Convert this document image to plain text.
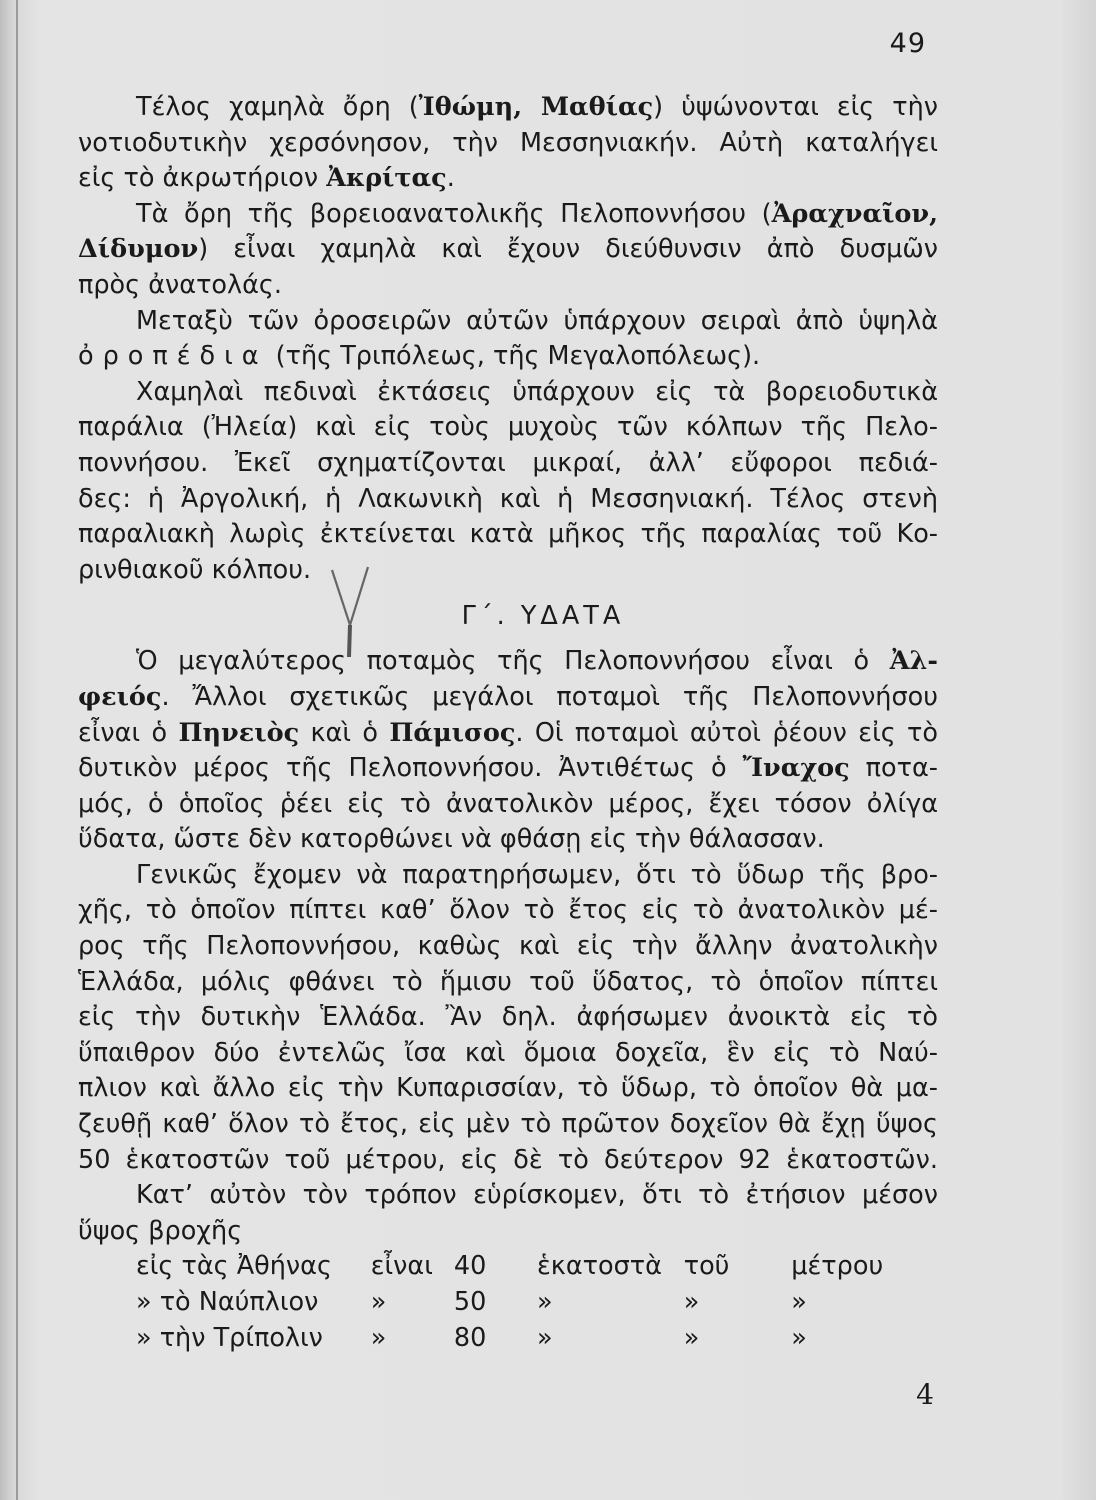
49
Τέλος χαμηλὰ ὄρη (Ἰθώμη, Μαθίας) ὑψώνονται εἰς τὴν
νοτιοδυτικὴν χερσόνησον, τὴν Μεσσηνιακήν. Αὐτὴ καταλήγει
εἰς τὸ ἀκρωτήριον Ἀκρίτας.
Τὰ ὄρη τῆς βορειοανατολικῆς Πελοποννήσου (Ἀραχναῖον,
Δίδυμον) εἶναι χαμηλὰ καὶ ἔχουν διεύθυνσιν ἀπὸ δυσμῶν
πρὸς ἀνατολάς.
Μεταξὺ τῶν ὀροσειρῶν αὐτῶν ὑπάρχουν σειραὶ ἀπὸ ὑψηλὰ
ὀροπέδια (τῆς Τριπόλεως, τῆς Μεγαλοπόλεως).
Χαμηλαὶ πεδιναὶ ἐκτάσεις ὑπάρχουν εἰς τὰ βορειοδυτικὰ
παράλια (Ἠλεία) καὶ εἰς τοὺς μυχοὺς τῶν κόλπων τῆς Πελο-
ποννήσου. Ἐκεῖ σχηματίζονται μικραί, ἀλλ’ εὔφοροι πεδιά-
δες: ἡ Ἀργολική, ἡ Λακωνικὴ καὶ ἡ Μεσσηνιακή. Τέλος στενὴ
παραλιακὴ λωρὶς ἐκτείνεται κατὰ μῆκος τῆς παραλίας τοῦ Κο-
ρινθιακοῦ κόλπου.
Γ΄. ΥΔΑΤΑ
Ὁ μεγαλύτερος ποταμὸς τῆς Πελοποννήσου εἶναι ὁ Ἀλ-
φειός. Ἄλλοι σχετικῶς μεγάλοι ποταμοὶ τῆς Πελοποννήσου
εἶναι ὁ Πηνειὸς καὶ ὁ Πάμισος. Οἱ ποταμοὶ αὐτοὶ ῥέουν εἰς τὸ
δυτικὸν μέρος τῆς Πελοποννήσου. Ἀντιθέτως ὁ Ἴναχος ποτα-
μός, ὁ ὁποῖος ῥέει εἰς τὸ ἀνατολικὸν μέρος, ἔχει τόσον ὀλίγα
ὕδατα, ὥστε δὲν κατορθώνει νὰ φθάσῃ εἰς τὴν θάλασσαν.
Γενικῶς ἔχομεν νὰ παρατηρήσωμεν, ὅτι τὸ ὕδωρ τῆς βρο-
χῆς, τὸ ὁποῖον πίπτει καθ’ ὅλον τὸ ἔτος εἰς τὸ ἀνατολικὸν μέ-
ρος τῆς Πελοποννήσου, καθὼς καὶ εἰς τὴν ἄλλην ἀνατολικὴν
Ἑλλάδα, μόλις φθάνει τὸ ἥμισυ τοῦ ὕδατος, τὸ ὁποῖον πίπτει
εἰς τὴν δυτικὴν Ἑλλάδα. Ἂν δηλ. ἀφήσωμεν ἀνοικτὰ εἰς τὸ
ὕπαιθρον δύο ἐντελῶς ἴσα καὶ ὅμοια δοχεῖα, ἓν εἰς τὸ Ναύ-
πλιον καὶ ἄλλο εἰς τὴν Κυπαρισσίαν, τὸ ὕδωρ, τὸ ὁποῖον θὰ μα-
ζευθῇ καθ’ ὅλον τὸ ἔτος, εἰς μὲν τὸ πρῶτον δοχεῖον θὰ ἔχῃ ὕψος
50 ἑκατοστῶν τοῦ μέτρου, εἰς δὲ τὸ δεύτερον 92 ἑκατοστῶν.
Κατ’ αὐτὸν τὸν τρόπον εὑρίσκομεν, ὅτι τὸ ἐτήσιον μέσον
ὕψος βροχῆς
εἰς τὰς Ἀθήνας	εἶναι 40	ἑκατοστὰ τοῦ	μέτρου
» τὸ Ναύπλιον	»	50	»	»	»
» τὴν Τρίπολιν	»	80	»	»	»
4
